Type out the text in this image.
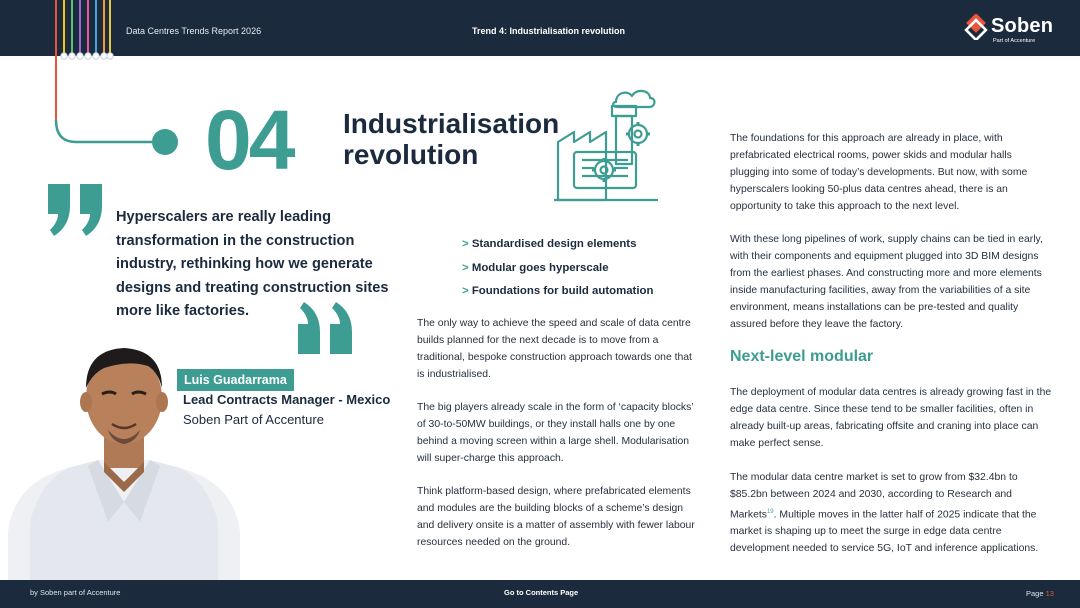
Data Centres Trends Report 2026	Trend 4: Industrialisation revolution	Soben
Part of Accenture
04 Industrialisation
revolution
Hyperscalers are really leading transformation in the construction industry, rethinking how we generate designs and treating construction sites more like factories.
Luis Guadarrama
Lead Contracts Manager - Mexico
Soben Part of Accenture
> Standardised design elements
> Modular goes hyperscale
> Foundations for build automation

The only way to achieve the speed and scale of data centre builds planned for the next decade is to move from a traditional, bespoke construction approach towards one that is industrialised.

The big players already scale in the form of ‘capacity blocks’ of 30-to-50MW buildings, or they install halls one by one behind a moving screen within a large shell. Modularisation will super-charge this approach.

Think platform-based design, where prefabricated elements and modules are the building blocks of a scheme’s design and delivery onsite is a matter of assembly with fewer labour resources needed on the ground.

The foundations for this approach are already in place, with prefabricated electrical rooms, power skids and modular halls plugging into some of today’s developments. But now, with some hyperscalers looking 50-plus data centres ahead, there is an opportunity to take this approach to the next level.

With these long pipelines of work, supply chains can be tied in early, with their components and equipment plugged into 3D BIM designs from the earliest phases. And constructing more and more elements inside manufacturing facilities, away from the variabilities of a site environment, means installations can be pre-tested and quality assured before they leave the factory.

Next-level modular

The deployment of modular data centres is already growing fast in the edge data centre. Since these tend to be smaller facilities, often in already built-up areas, fabricating offsite and craning into place can make perfect sense.

The modular data centre market is set to grow from $32.4bn to $85.2bn between 2024 and 2030, according to Research and Markets$^{19}$. Multiple moves in the latter half of 2025 indicate that the market is shaping up to meet the surge in edge data centre development needed to service 5G, IoT and inference applications.

by Soben part of Accenture	Go to Contents Page	Page 13
